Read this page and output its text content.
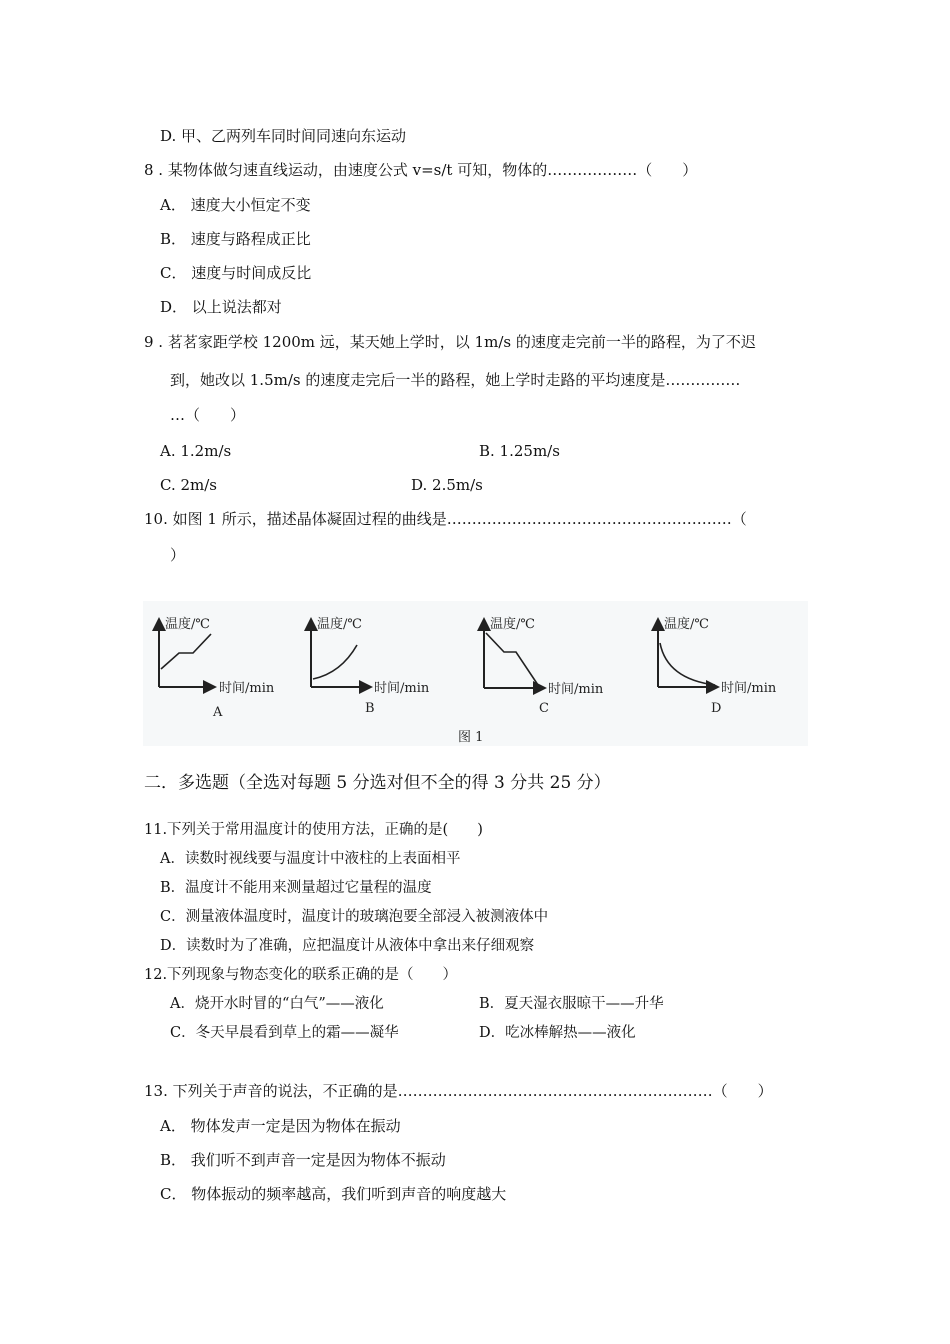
D. 甲、乙两列车同时间同速向东运动
8 . 某物体做匀速直线运动，由速度公式 v=s/t 可知，物体的………………（　　）
A． 速度大小恒定不变
B． 速度与路程成正比
C． 速度与时间成反比
D． 以上说法都对
9 . 茗茗家距学校 1200m 远，某天她上学时，以 1m/s 的速度走完前一半的路程，为了不迟
到，她改以 1.5m/s 的速度走完后一半的路程，她上学时走路的平均速度是……………
…（　　）
A. 1.2m/s	B. 1.25m/s
C. 2m/s	D. 2.5m/s
10. 如图 1 所示，描述晶体凝固过程的曲线是…………………………………………………（
）
温度/℃
时间/min
A
温度/℃
时间/min
B
温度/℃
时间/min
C
温度/℃
时间/min
D
图 1
二．多选题（全选对每题 5 分选对但不全的得 3 分共 25 分）
11.下列关于常用温度计的使用方法，正确的是(　　)
A．读数时视线要与温度计中液柱的上表面相平
B．温度计不能用来测量超过它量程的温度
C．测量液体温度时，温度计的玻璃泡要全部浸入被测液体中
D．读数时为了准确，应把温度计从液体中拿出来仔细观察
12.下列现象与物态变化的联系正确的是（　　）
A．烧开水时冒的“白气”——液化	B．夏天湿衣服晾干——升华
C．冬天早晨看到草上的霜——凝华	D．吃冰棒解热——液化
13. 下列关于声音的说法，不正确的是………………………………………………………（　　）
A． 物体发声一定是因为物体在振动
B． 我们听不到声音一定是因为物体不振动
C． 物体振动的频率越高，我们听到声音的响度越大
